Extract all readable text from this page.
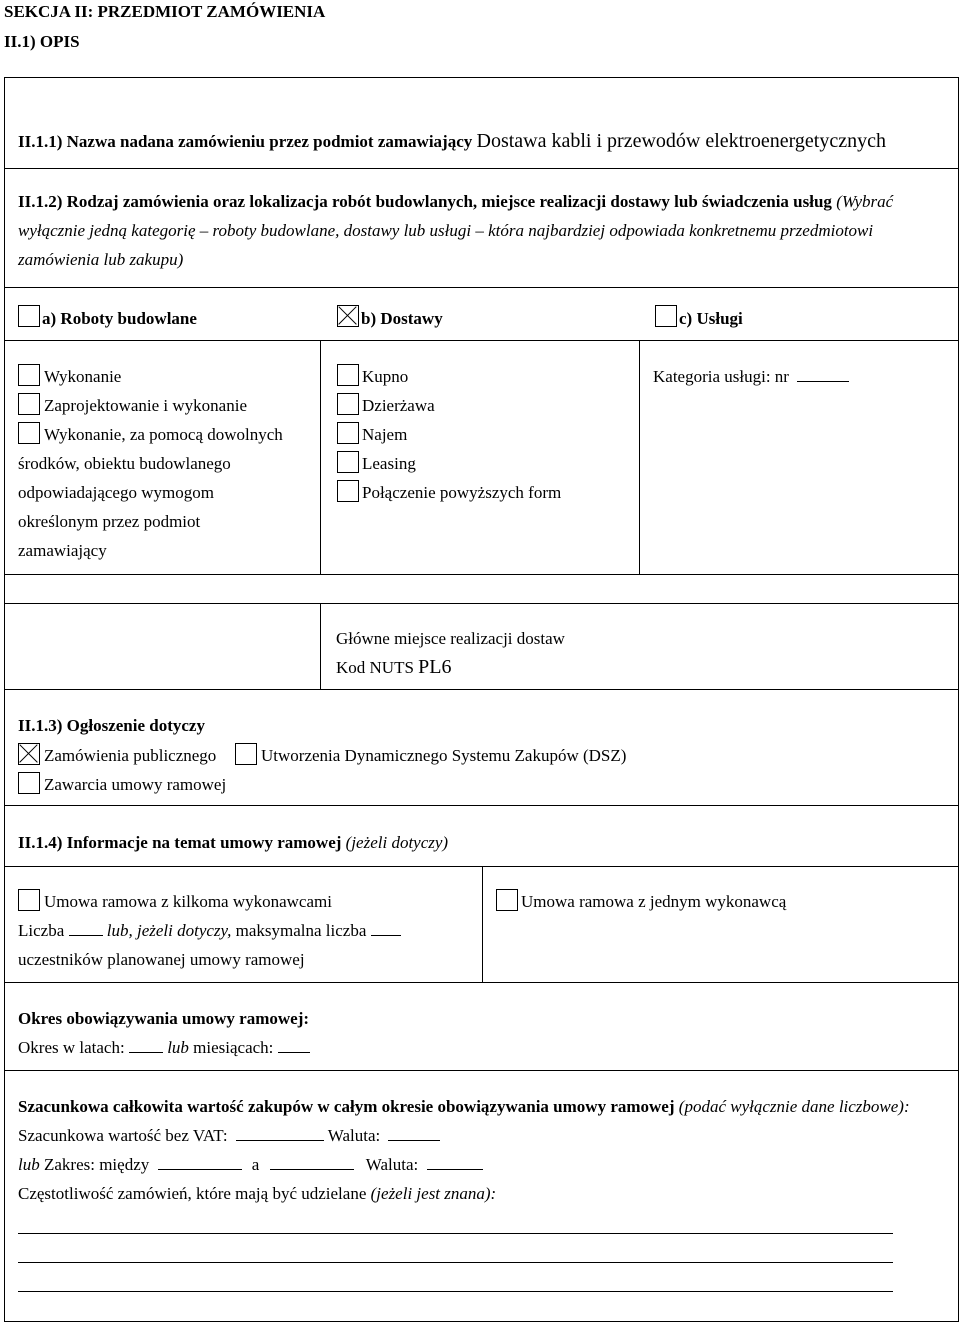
SEKCJA II: PRZEDMIOT ZAMÓWIENIA
II.1) OPIS
II.1.1) Nazwa nadana zamówieniu przez podmiot zamawiający Dostawa kabli i przewodów elektroenergetycznych
II.1.2) Rodzaj zamówienia oraz lokalizacja robót budowlanych, miejsce realizacji dostawy lub świadczenia usług (Wybrać
wyłącznie jedną kategorię – roboty budowlane, dostawy lub usługi – która najbardziej odpowiada konkretnemu przedmiotowi
zamówienia lub zakupu)
a) Roboty budowlane	b) Dostawy	c) Usługi
Wykonanie
Zaprojektowanie i wykonanie
Wykonanie, za pomocą dowolnych
środków, obiektu budowlanego
odpowiadającego wymogom
określonym przez podmiot
zamawiający
Kupno
Dzierżawa
Najem
Leasing
Połączenie powyższych form
Kategoria usługi: nr
Główne miejsce realizacji dostaw
Kod NUTS PL6
II.1.3) Ogłoszenie dotyczy
Zamówienia publicznego	Utworzenia Dynamicznego Systemu Zakupów (DSZ)
Zawarcia umowy ramowej
II.1.4) Informacje na temat umowy ramowej (jeżeli dotyczy)
Umowa ramowa z kilkoma wykonawcami	Umowa ramowa z jednym wykonawcą
Liczba	lub, jeżeli dotyczy, maksymalna liczba
uczestników planowanej umowy ramowej
Okres obowiązywania umowy ramowej:
Okres w latach:	lub miesiącach:
Szacunkowa całkowita wartość zakupów w całym okresie obowiązywania umowy ramowej (podać wyłącznie dane liczbowe):
Szacunkowa wartość bez VAT:	Waluta:
lub Zakres: między	a	Waluta:
Częstotliwość zamówień, które mają być udzielane (jeżeli jest znana):
